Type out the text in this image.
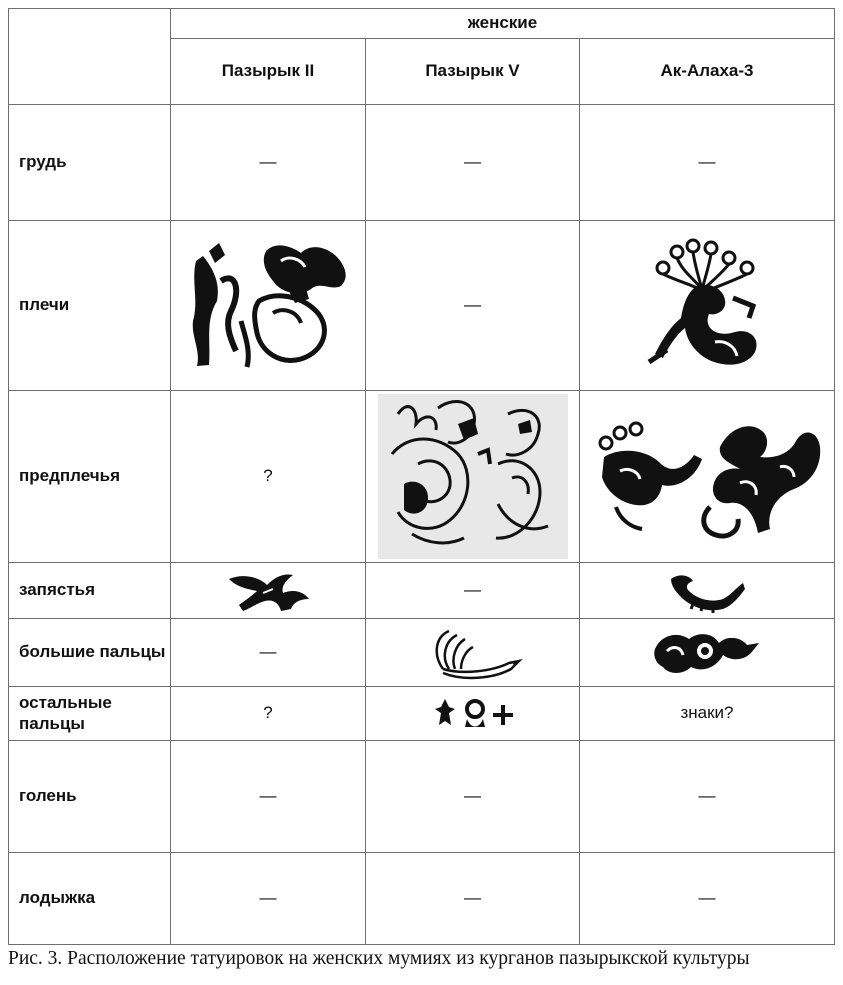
	женские		
	Пазырык II	Пазырык V	Ак-Алаха-3
грудь	—	—	—
плечи		—	

предплечья	?	

запястья		—	

большие пальцы	—	

остальные пальцы	?		знаки?
голень	—	—	—
лодыжка	—	—	—
Рис. 3. Расположение татуировок на женских мумиях из курганов пазырыкской культуры
